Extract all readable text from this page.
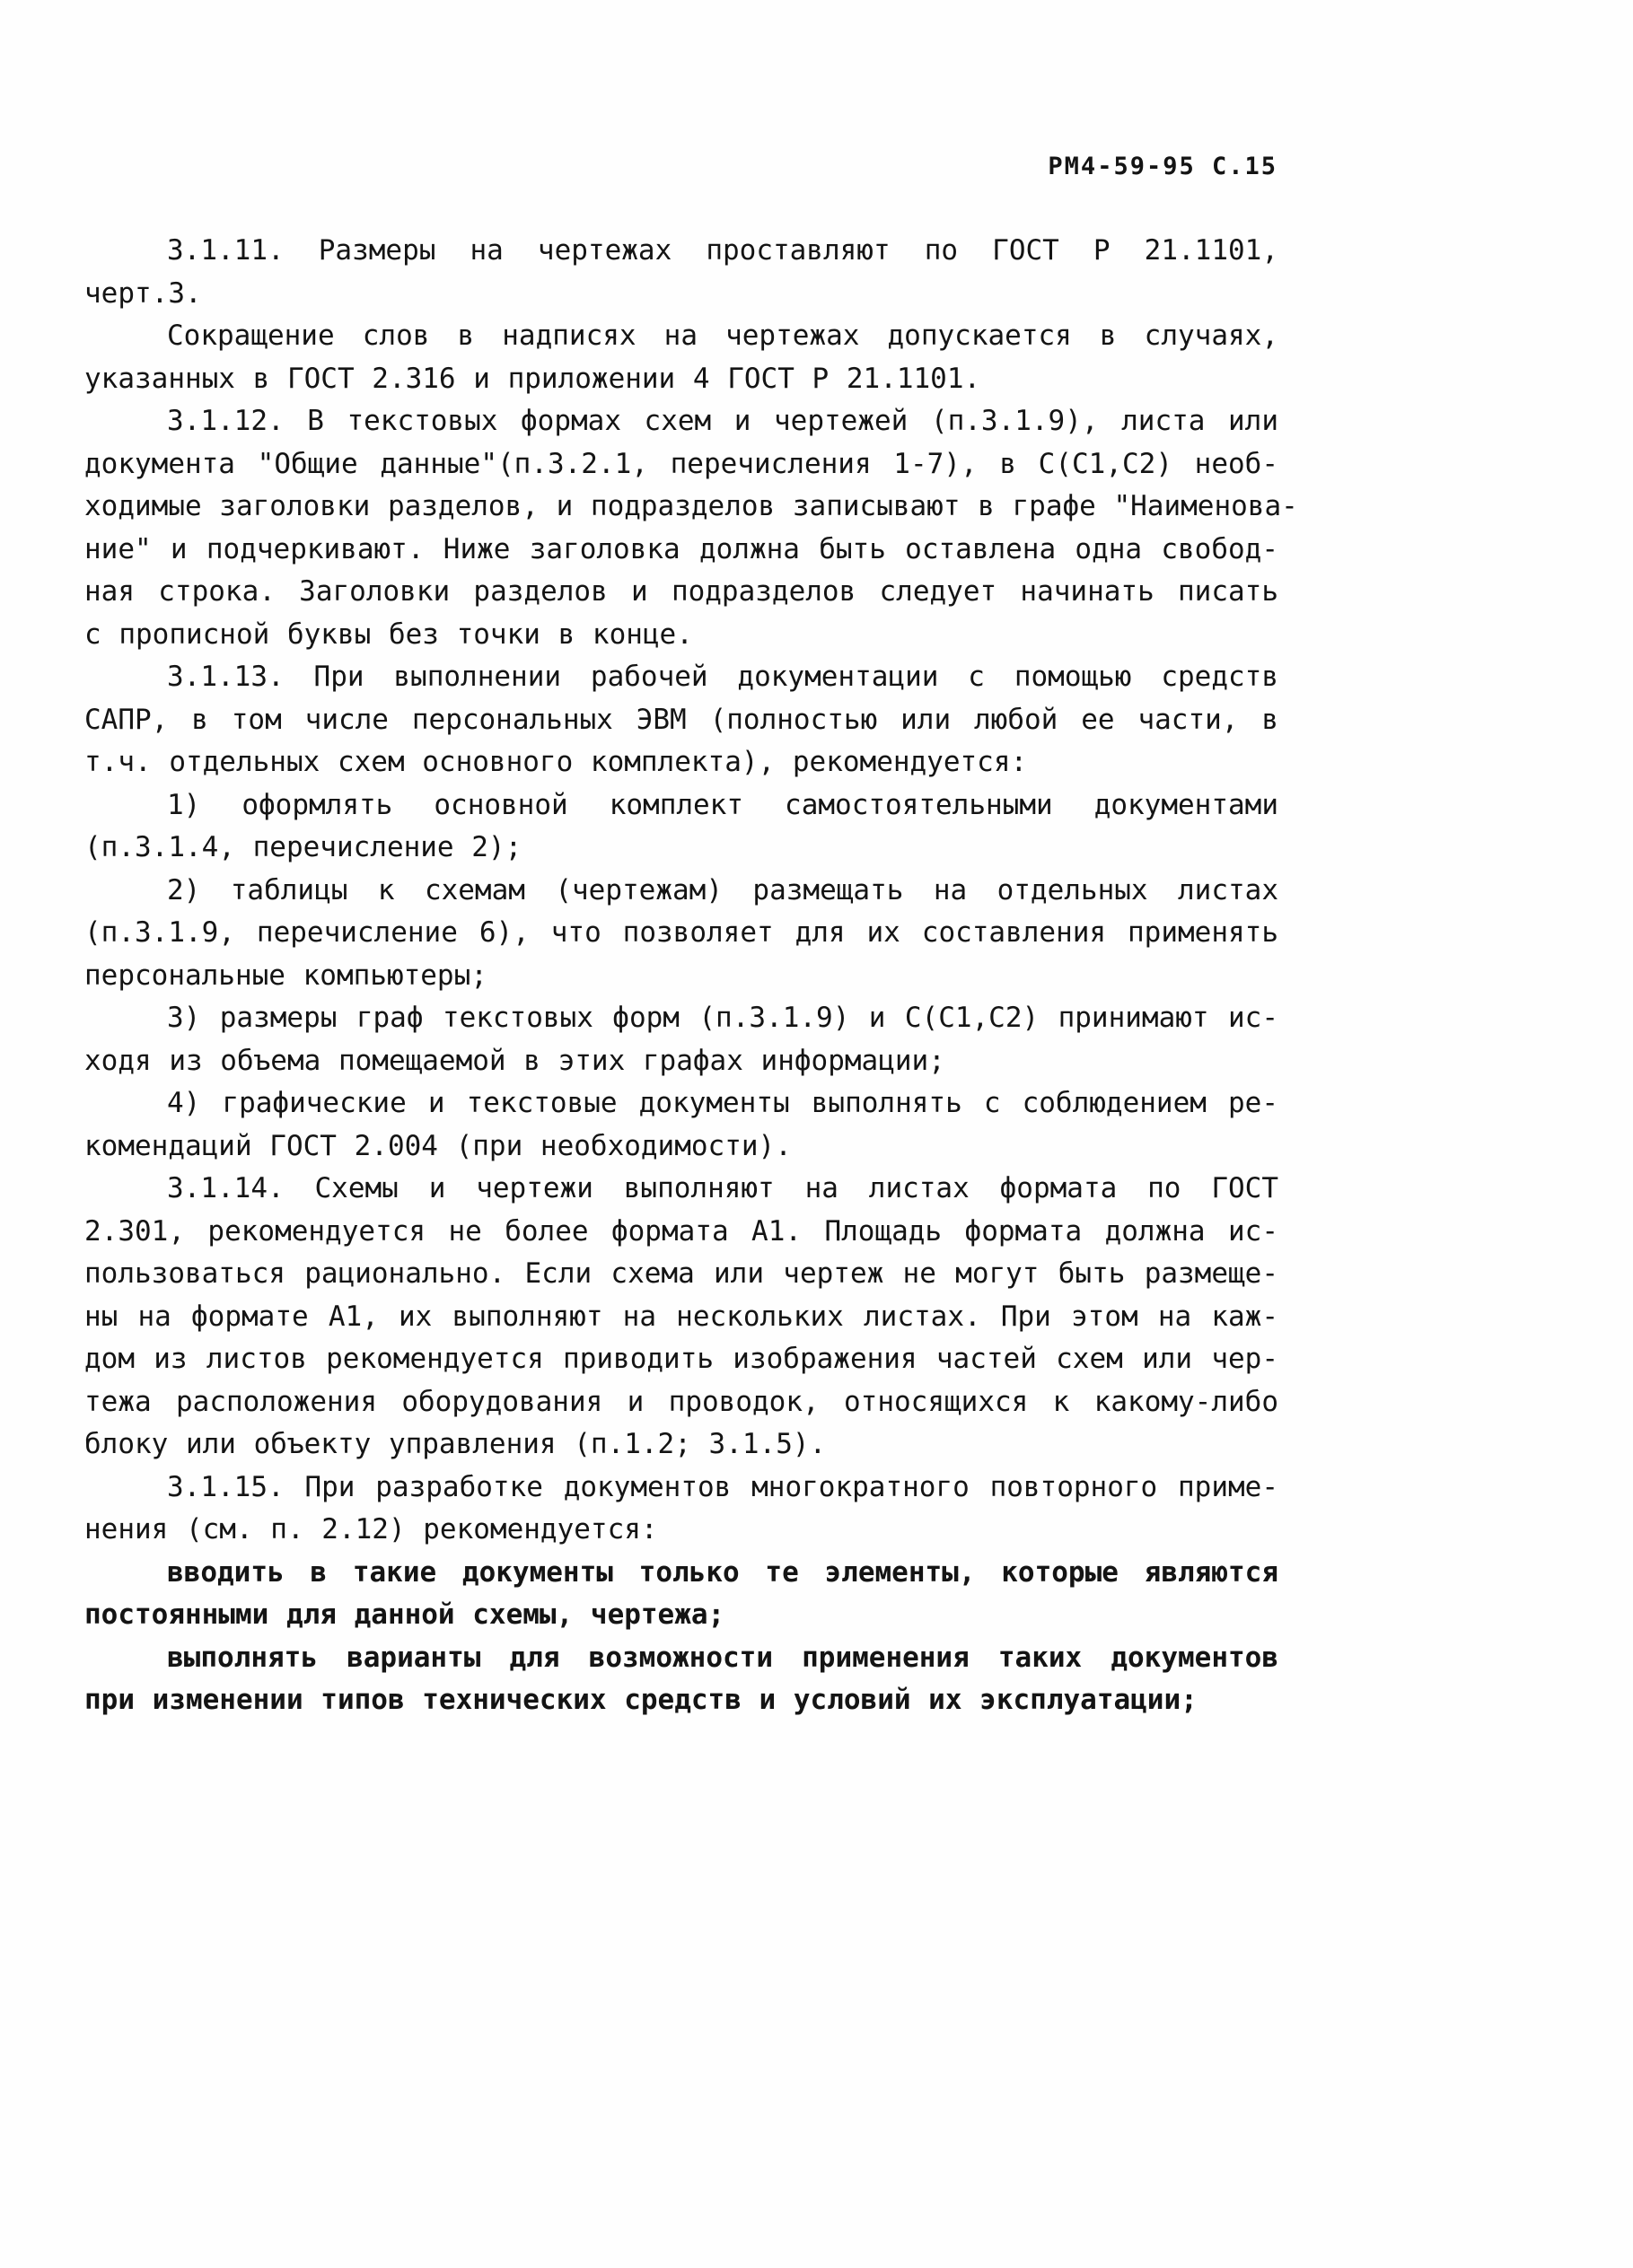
РМ4-59-95 С.15

3.1.11. Размеры на чертежах проставляют по ГОСТ Р 21.1101,
черт.3.

Сокращение слов в надписях на чертежах допускается в случаях,
указанных в ГОСТ 2.316 и приложении 4 ГОСТ Р 21.1101.

3.1.12. В текстовых формах схем и чертежей (п.3.1.9), листа или
документа "Общие данные"(п.3.2.1, перечисления 1-7), в С(С1,С2) необ-
ходимые заголовки разделов, и подразделов записывают в графе "Наименова-
ние" и подчеркивают. Ниже заголовка должна быть оставлена одна свобод-
ная строка. Заголовки разделов и подразделов следует начинать писать
с прописной буквы без точки в конце.

3.1.13. При выполнении рабочей документации с помощью средств
САПР, в том числе персональных ЭВМ (полностью или любой ее части, в
т.ч. отдельных схем основного комплекта), рекомендуется:

1) оформлять основной комплект самостоятельными документами
(п.3.1.4, перечисление 2);

2) таблицы к схемам (чертежам) размещать на отдельных листах
(п.3.1.9, перечисление 6), что позволяет для их составления применять
персональные компьютеры;

3) размеры граф текстовых форм (п.3.1.9) и С(С1,С2) принимают ис-
ходя из объема помещаемой в этих графах информации;

4) графические и текстовые документы выполнять с соблюдением ре-
комендаций ГОСТ 2.004 (при необходимости).

3.1.14. Схемы и чертежи выполняют на листах формата по ГОСТ
2.301, рекомендуется не более формата А1. Площадь формата должна ис-
пользоваться рационально. Если схема или чертеж не могут быть размеще-
ны на формате А1, их выполняют на нескольких листах. При этом на каж-
дом из листов рекомендуется приводить изображения частей схем или чер-
тежа расположения оборудования и проводок, относящихся к какому-либо
блоку или объекту управления (п.1.2; 3.1.5).

3.1.15. При разработке документов многократного повторного приме-
нения (см. п. 2.12) рекомендуется:

вводить в такие документы только те элементы, которые являются
постоянными для данной схемы, чертежа;

выполнять варианты для возможности применения таких документов
при изменении типов технических средств и условий их эксплуатации;
